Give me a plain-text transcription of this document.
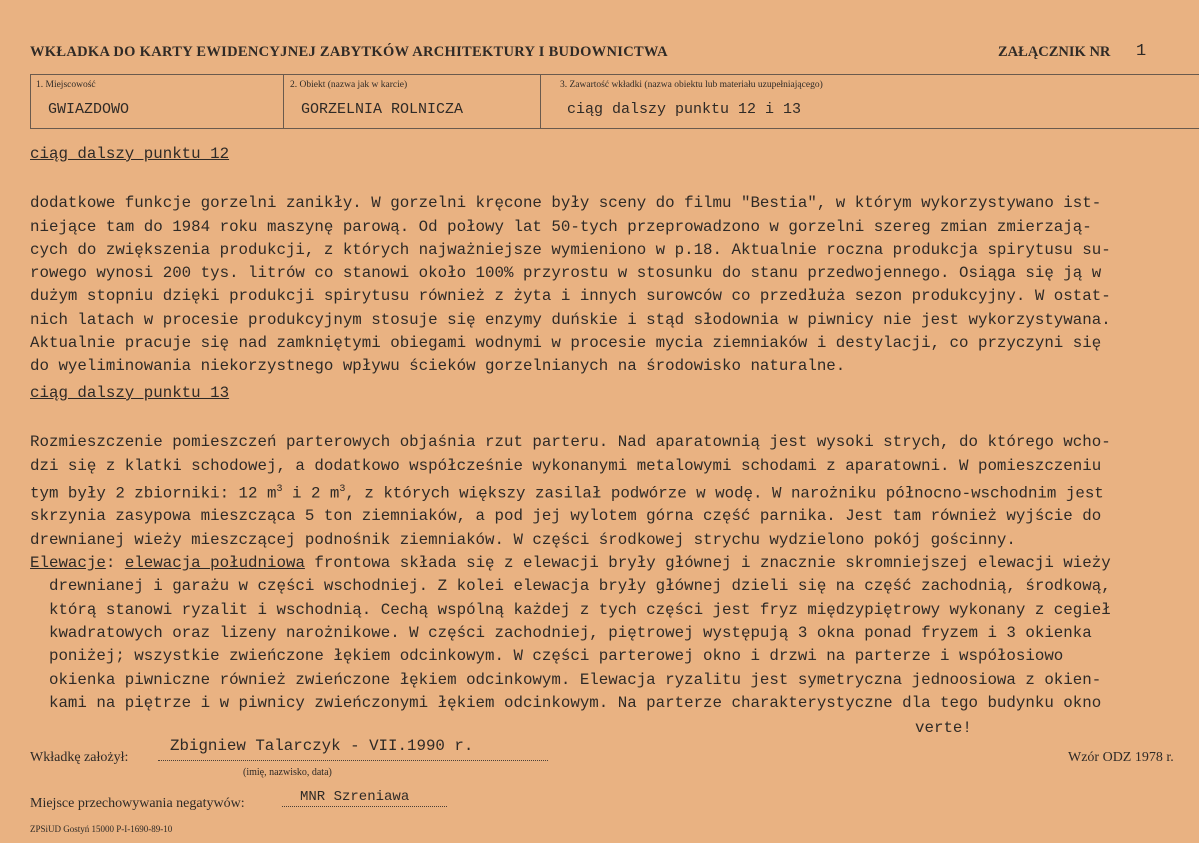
WKŁADKA DO KARTY EWIDENCYJNEJ ZABYTKÓW ARCHITEKTURY I BUDOWNICTWA	ZAŁĄCZNIK NR 1
1. Miejscowość	2. Obiekt (nazwa jak w karcie)	3. Zawartość wkładki (nazwa obiektu lub materiału uzupełniającego)
GWIAZDOWO	GORZELNIA ROLNICZA	ciąg dalszy punktu 12 i 13
ciąg dalszy punktu 12

dodatkowe funkcje gorzelni zanikły. W gorzelni kręcone były sceny do filmu "Bestia", w którym wykorzystywano ist-
niejące tam do 1984 roku maszynę parową. Od połowy lat 50-tych przeprowadzono w gorzelni szereg zmian zmierzają-
cych do zwiększenia produkcji, z których najważniejsze wymieniono w p.18. Aktualnie roczna produkcja spirytusu su-
rowego wynosi 200 tys. litrów co stanowi około 100% przyrostu w stosunku do stanu przedwojennego. Osiąga się ją w
dużym stopniu dzięki produkcji spirytusu również z żyta i innych surowców co przedłuża sezon produkcyjny. W ostat-
nich latach w procesie produkcyjnym stosuje się enzymy duńskie i stąd słodownia w piwnicy nie jest wykorzystywana.
Aktualnie pracuje się nad zamkniętymi obiegami wodnymi w procesie mycia ziemniaków i destylacji, co przyczyni się
do wyeliminowania niekorzystnego wpływu ścieków gorzelnianych na środowisko naturalne.

ciąg dalszy punktu 13

Rozmieszczenie pomieszczeń parterowych objaśnia rzut parteru. Nad aparatownią jest wysoki strych, do którego wcho-
dzi się z klatki schodowej, a dodatkowo współcześnie wykonanymi metalowymi schodami z aparatowni. W pomieszczeniu
tym były 2 zbiorniki: 12 $m^3$ i 2 $m^3$, z których większy zasilał podwórze w wodę. W narożniku północno-wschodnim jest
skrzynia zasypowa mieszcząca 5 ton ziemniaków, a pod jej wylotem górna część parnika. Jest tam również wyjście do
drewnianej wieży mieszczącej podnośnik ziemniaków. W części środkowej strychu wydzielono pokój gościnny.
Elewacje: elewacja południowa frontowa składa się z elewacji bryły głównej i znacznie skromniejszej elewacji wieży
drewnianej i garażu w części wschodniej. Z kolei elewacja bryły głównej dzieli się na część zachodnią, środkową,
którą stanowi ryzalit i wschodnią. Cechą wspólną każdej z tych części jest fryz międzypiętrowy wykonany z cegieł
kwadratowych oraz lizeny narożnikowe. W części zachodniej, piętrowej występują 3 okna ponad fryzem i 3 okienka
poniżej; wszystkie zwieńczone łękiem odcinkowym. W części parterowej okno i drzwi na parterze i współosiowo
okienka piwniczne również zwieńczone łękiem odcinkowym. Elewacja ryzalitu jest symetryczna jednoosiowa z okien-
kami na piętrze i w piwnicy zwieńczonymi łękiem odcinkowym. Na parterze charakterystyczne dla tego budynku okno

verte!
Wkładkę założył:
Zbigniew Talarczyk - VII.1990 r.
(imię, nazwisko, data)
Wzór ODZ 1978 r.
Miejsce przechowywania negatywów:	MNR Szreniawa
ZPSiUD Gostyń 15000 P-I-1690-89-10
